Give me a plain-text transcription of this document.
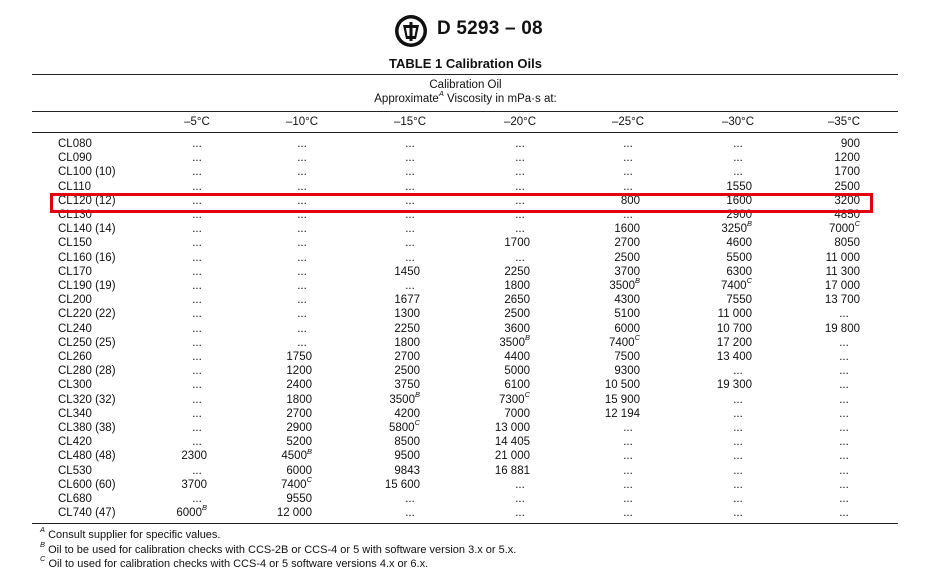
D 5293 – 08
TABLE 1 Calibration Oils
Calibration Oil
Approximate$^A$ Viscosity in mPa·s at:
–5°C	–10°C	–15°C	–20°C	–25°C	–30°C	–35°C
CL080	...	...	...	...	...	...	900
CL090	...	...	...	...	...	...	1200
CL100 (10)	...	...	...	...	...	...	1700
CL110	...	...	...	...	...	1550	2500
CL120 (12)	...	...	...	...	800	1600	3200
CL130	...	...	...	...	...	2900	4850
CL140 (14)	...	...	...	...	1600	$3250^B$	$7000^C$
CL150	...	...	...	1700	2700	4600	8050
CL160 (16)	...	...	...	...	2500	5500	11 000
CL170	...	...	1450	2250	3700	6300	11 300
CL190 (19)	...	...	...	1800	$3500^B$	$7400^C$	17 000
CL200	...	...	1677	2650	4300	7550	13 700
CL220 (22)	...	...	1300	2500	5100	11 000	...
CL240	...	...	2250	3600	6000	10 700	19 800
CL250 (25)	...	...	1800	$3500^B$	$7400^C$	17 200	...
CL260	...	1750	2700	4400	7500	13 400	...
CL280 (28)	...	1200	2500	5000	9300	...	...
CL300	...	2400	3750	6100	10 500	19 300	...
CL320 (32)	...	1800	$3500^B$	$7300^C$	15 900	...	...
CL340	...	2700	4200	7000	12 194	...	...
CL380 (38)	...	2900	$5800^C$	13 000	...	...	...
CL420	...	5200	8500	14 405	...	...	...
CL480 (48)	2300	$4500^B$	9500	21 000	...	...	...
CL530	...	6000	9843	16 881	...	...	...
CL600 (60)	3700	$7400^C$	15 600	...	...	...	...
CL680	...	9550	...	...	...	...	...
CL740 (47)	$6000^B$	12 000	...	...	...	...	...
$^A$ Consult supplier for specific values.
$^B$ Oil to be used for calibration checks with CCS-2B or CCS-4 or 5 with software version 3.x or 5.x.
$^C$ Oil to used for calibration checks with CCS-4 or 5 software versions 4.x or 6.x.
